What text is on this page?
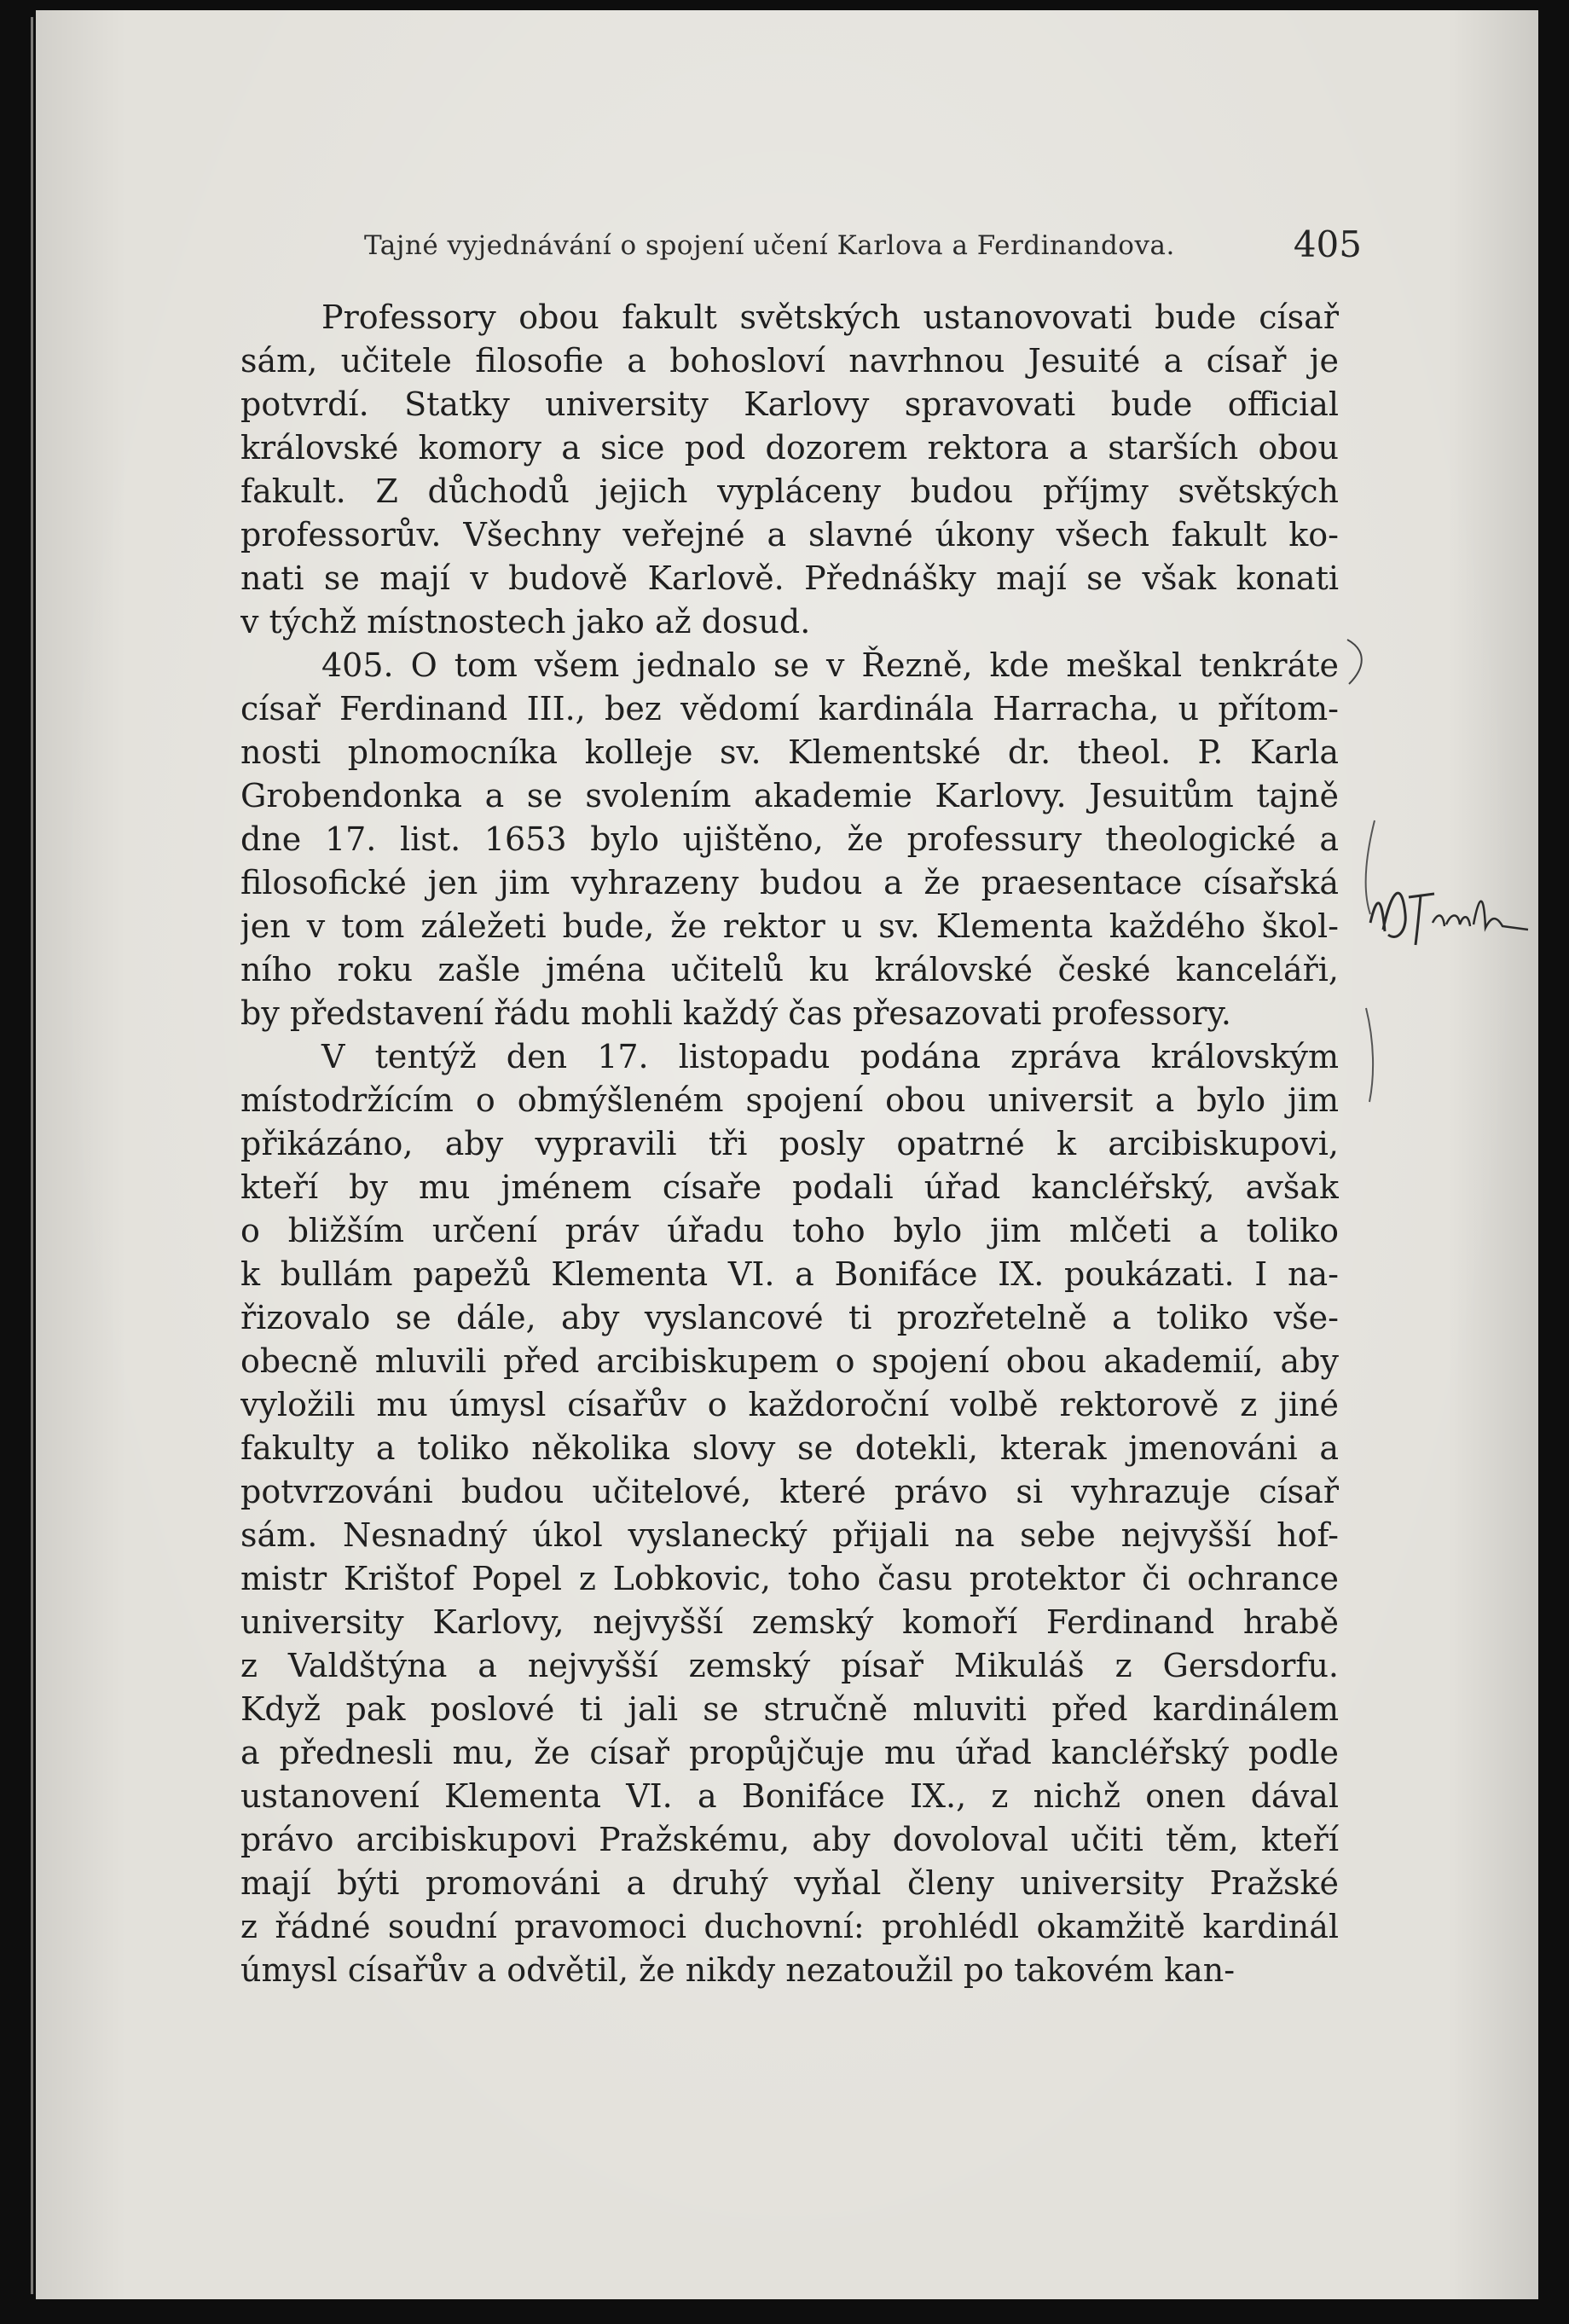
Tajné vyjednávání o spojení učení Karlova a Ferdinandova.	405
Professory obou fakult světských ustanovovati bude císař
sám, učitele filosofie a bohosloví navrhnou Jesuité a císař je
potvrdí. Statky university Karlovy spravovati bude official
královské komory a sice pod dozorem rektora a starších obou
fakult. Z důchodů jejich vypláceny budou příjmy světských
professorův. Všechny veřejné a slavné úkony všech fakult ko-
nati se mají v budově Karlově. Přednášky mají se však konati
v týchž místnostech jako až dosud.
405. O tom všem jednalo se v Řezně, kde meškal tenkráte
císař Ferdinand III., bez vědomí kardinála Harracha, u přítom-
nosti plnomocníka kolleje sv. Klementské dr. theol. P. Karla
Grobendonka a se svolením akademie Karlovy. Jesuitům tajně
dne 17. list. 1653 bylo ujištěno, že professury theologické a
filosofické jen jim vyhrazeny budou a že praesentace císařská
jen v tom záležeti bude, že rektor u sv. Klementa každého škol-
ního roku zašle jména učitelů ku královské české kanceláři,
by představení řádu mohli každý čas přesazovati professory.
V tentýž den 17. listopadu podána zpráva královským
místodržícím o obmýšleném spojení obou universit a bylo jim
přikázáno, aby vypravili tři posly opatrné k arcibiskupovi,
kteří by mu jménem císaře podali úřad kancléřský, avšak
o bližším určení práv úřadu toho bylo jim mlčeti a toliko
k bullám papežů Klementa VI. a Bonifáce IX. poukázati. I na-
řizovalo se dále, aby vyslancové ti prozřetelně a toliko vše-
obecně mluvili před arcibiskupem o spojení obou akademií, aby
vyložili mu úmysl císařův o každoroční volbě rektorově z jiné
fakulty a toliko několika slovy se dotekli, kterak jmenováni a
potvrzováni budou učitelové, které právo si vyhrazuje císař
sám. Nesnadný úkol vyslanecký přijali na sebe nejvyšší hof-
mistr Krištof Popel z Lobkovic, toho času protektor či ochrance
university Karlovy, nejvyšší zemský komoří Ferdinand hrabě
z Valdštýna a nejvyšší zemský písař Mikuláš z Gersdorfu.
Když pak poslové ti jali se stručně mluviti před kardinálem
a přednesli mu, že císař propůjčuje mu úřad kancléřský podle
ustanovení Klementa VI. a Bonifáce IX., z nichž onen dával
právo arcibiskupovi Pražskému, aby dovoloval učiti těm, kteří
mají býti promováni a druhý vyňal členy university Pražské
z řádné soudní pravomoci duchovní: prohlédl okamžitě kardinál
úmysl císařův a odvětil, že nikdy nezatoužil po takovém kan-
